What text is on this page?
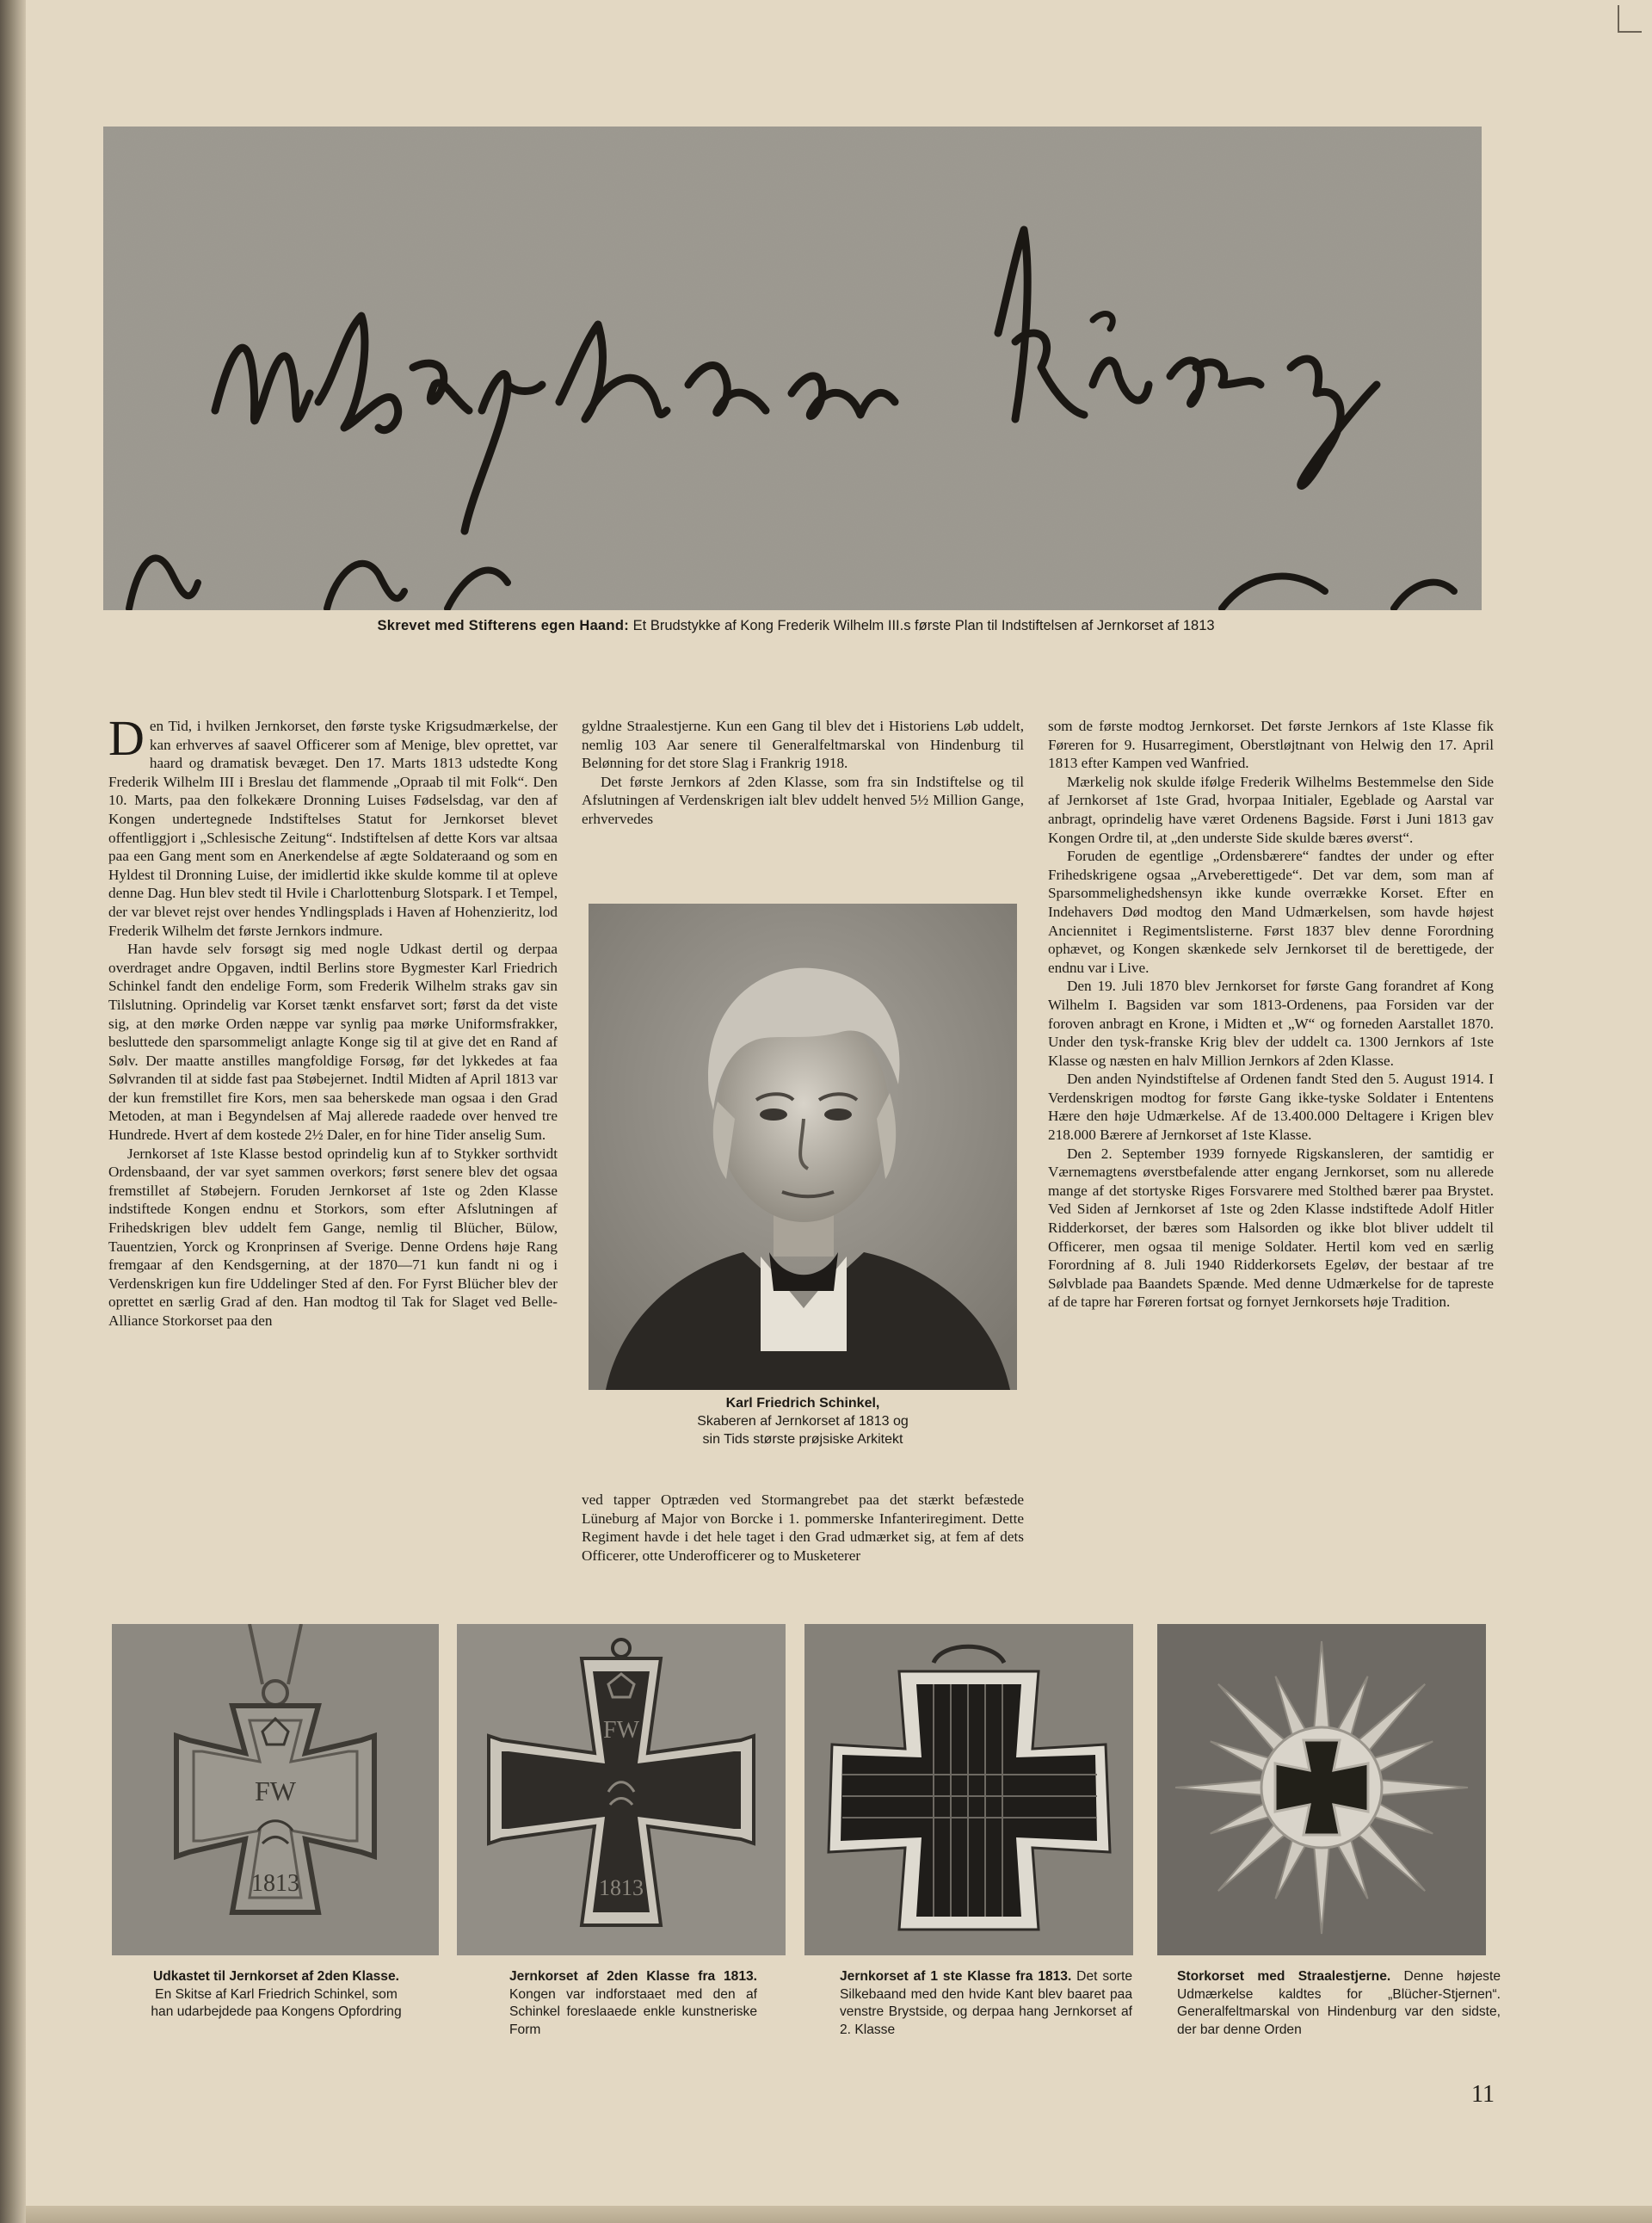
Skrevet med Stifterens egen Haand: Et Brudstykke af Kong Frederik Wilhelm III.s første Plan til Indstiftelsen af Jernkorset af 1813

Den Tid, i hvilken Jernkorset, den første tyske Krigsudmærkelse, der kan erhverves af saavel Officerer som af Menige, blev oprettet, var haard og dramatisk bevæget. Den 17. Marts 1813 udstedte Kong Frederik Wilhelm III i Breslau det flammende „Opraab til mit Folk“. Den 10. Marts, paa den folkekære Dronning Luises Fødselsdag, var den af Kongen undertegnede Indstiftelses Statut for Jernkorset blevet offentliggjort i „Schlesische Zeitung“. Indstiftelsen af dette Kors var altsaa paa een Gang ment som en Anerkendelse af ægte Soldateraand og som en Hyldest til Dronning Luise, der imidlertid ikke skulde komme til at opleve denne Dag. Hun blev stedt til Hvile i Charlottenburg Slotspark. I et Tempel, der var blevet rejst over hendes Yndlingsplads i Haven af Hohenzieritz, lod Frederik Wilhelm det første Jernkors indmure.

Han havde selv forsøgt sig med nogle Udkast dertil og derpaa overdraget andre Opgaven, indtil Berlins store Bygmester Karl Friedrich Schinkel fandt den endelige Form, som Frederik Wilhelm straks gav sin Tilslutning. Oprindelig var Korset tænkt ensfarvet sort; først da det viste sig, at den mørke Orden næppe var synlig paa mørke Uniformsfrakker, besluttede den sparsommeligt anlagte Konge sig til at give det en Rand af Sølv. Der maatte anstilles mangfoldige Forsøg, før det lykkedes at faa Sølvranden til at sidde fast paa Støbejernet. Indtil Midten af April 1813 var der kun fremstillet fire Kors, men saa beherskede man ogsaa i den Grad Metoden, at man i Begyndelsen af Maj allerede raadede over henved tre Hundrede. Hvert af dem kostede 2½ Daler, en for hine Tider anselig Sum.

Jernkorset af 1ste Klasse bestod oprindelig kun af to Stykker sorthvidt Ordensbaand, der var syet sammen overkors; først senere blev det ogsaa fremstillet af Støbejern. Foruden Jernkorset af 1ste og 2den Klasse indstiftede Kongen endnu et Storkors, som efter Afslutningen af Frihedskrigen blev uddelt fem Gange, nemlig til Blücher, Bülow, Tauentzien, Yorck og Kronprinsen af Sverige. Denne Ordens høje Rang fremgaar af den Kendsgerning, at der 1870—71 kun fandt ni og i Verdenskrigen kun fire Uddelinger Sted af den. For Fyrst Blücher blev der oprettet en særlig Grad af den. Han modtog til Tak for Slaget ved Belle-Alliance Storkorset paa den

gyldne Straalestjerne. Kun een Gang til blev det i Historiens Løb uddelt, nemlig 103 Aar senere til Generalfeltmarskal von Hindenburg til Belønning for det store Slag i Frankrig 1918.

Det første Jernkors af 2den Klasse, som fra sin Indstiftelse og til Afslutningen af Verdenskrigen ialt blev uddelt henved 5½ Million Gange, erhvervedes

Karl Friedrich Schinkel,
Skaberen af Jernkorset af 1813 og
sin Tids største prøjsiske Arkitekt

ved tapper Optræden ved Stormangrebet paa det stærkt befæstede Lüneburg af Major von Borcke i 1. pommerske Infanteriregiment. Dette Regiment havde i det hele taget i den Grad udmærket sig, at fem af dets Officerer, otte Underofficerer og to Musketerer

som de første modtog Jernkorset. Det første Jernkors af 1ste Klasse fik Føreren for 9. Husarregiment, Oberstløjtnant von Helwig den 17. April 1813 efter Kampen ved Wanfried.

Mærkelig nok skulde ifølge Frederik Wilhelms Bestemmelse den Side af Jernkorset af 1ste Grad, hvorpaa Initialer, Egeblade og Aarstal var anbragt, oprindelig have været Ordenens Bagside. Først i Juni 1813 gav Kongen Ordre til, at „den underste Side skulde bæres øverst“.

Foruden de egentlige „Ordensbærere“ fandtes der under og efter Frihedskrigene ogsaa „Arveberettigede“. Det var dem, som man af Sparsommelighedshensyn ikke kunde overrække Korset. Efter en Indehavers Død modtog den Mand Udmærkelsen, som havde højest Anciennitet i Regimentslisterne. Først 1837 blev denne Forordning ophævet, og Kongen skænkede selv Jernkorset til de berettigede, der endnu var i Live.

Den 19. Juli 1870 blev Jernkorset for første Gang forandret af Kong Wilhelm I. Bagsiden var som 1813-Ordenens, paa Forsiden var der foroven anbragt en Krone, i Midten et „W“ og forneden Aarstallet 1870. Under den tysk-franske Krig blev der uddelt ca. 1300 Jernkors af 1ste Klasse og næsten en halv Million Jernkors af 2den Klasse.

Den anden Nyindstiftelse af Ordenen fandt Sted den 5. August 1914. I Verdenskrigen modtog for første Gang ikke-tyske Soldater i Ententens Hære den høje Udmærkelse. Af de 13.400.000 Deltagere i Krigen blev 218.000 Bærere af Jernkorset af 1ste Klasse.

Den 2. September 1939 fornyede Rigskansleren, der samtidig er Værnemagtens øverstbefalende atter engang Jernkorset, som nu allerede mange af det stortyske Riges Forsvarere med Stolthed bærer paa Brystet. Ved Siden af Jernkorset af 1ste og 2den Klasse indstiftede Adolf Hitler Ridderkorset, der bæres som Halsorden og ikke blot bliver uddelt til Officerer, men ogsaa til menige Soldater. Hertil kom ved en særlig Forordning af 8. Juli 1940 Ridderkorsets Egeløv, der bestaar af tre Sølvblade paa Baandets Spænde. Med denne Udmærkelse for de tapreste af de tapre har Føreren fortsat og fornyet Jernkorsets høje Tradition.

FW
1813
FW
1813
Udkastet til Jernkorset af 2den Klasse. En Skitse af Karl Friedrich Schinkel, som han udarbejdede paa Kongens Opfordring
Jernkorset af 2den Klasse fra 1813. Kongen var indforstaaet med den af Schinkel foreslaaede enkle kunstneriske Form
Jernkorset af 1 ste Klasse fra 1813. Det sorte Silkebaand med den hvide Kant blev baaret paa venstre Brystside, og derpaa hang Jernkorset af 2. Klasse
Storkorset med Straalestjerne. Denne højeste Udmærkelse kaldtes for „Blücher-Stjernen“. Generalfeltmarskal von Hindenburg var den sidste, der bar denne Orden
11
